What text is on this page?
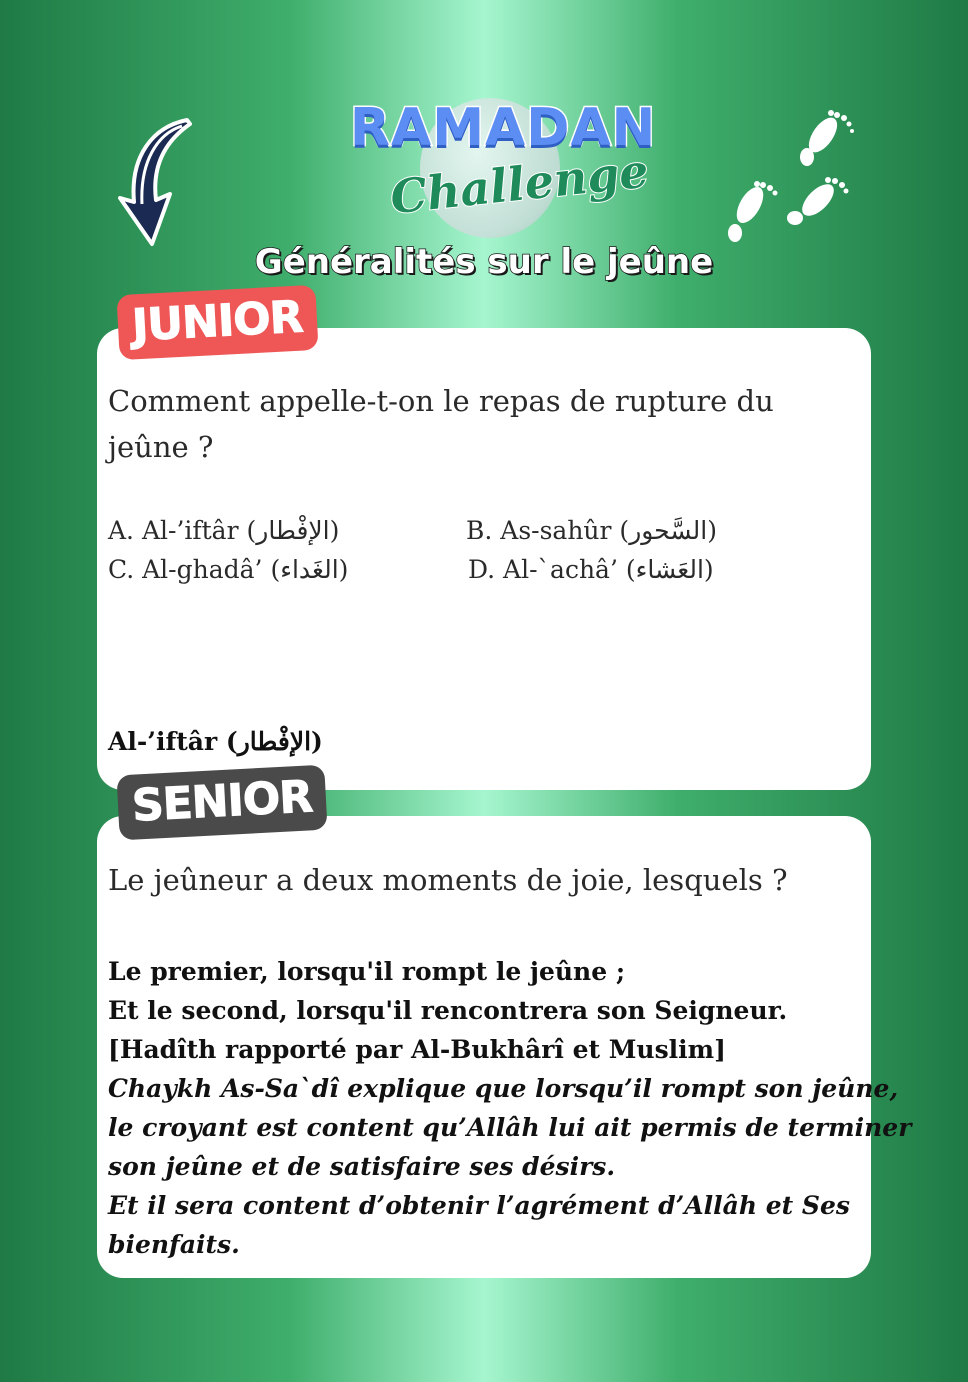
RAMADAN
Challenge
Généralités sur le jeûne
JUNIOR
Comment appelle-t-on le repas de rupture du jeûne ?
A. Al-’iftâr (الإفْطار)	B. As-sahûr (السَّحور)
C. Al-ghadâ’ (الغَداء)	D. Al-`achâ’ (العَشاء)
Al-’iftâr (الإفْطار)
SENIOR
Le jeûneur a deux moments de joie, lesquels ?
Le premier, lorsqu'il rompt le jeûne ;
Et le second, lorsqu'il rencontrera son Seigneur.
[Hadîth rapporté par Al-Bukhârî et Muslim]
Chaykh As-Sa`dî explique que lorsqu’il rompt son jeûne,
le croyant est content qu’Allâh lui ait permis de terminer
son jeûne et de satisfaire ses désirs.
Et il sera content d’obtenir l’agrément d’Allâh et Ses
bienfaits.
